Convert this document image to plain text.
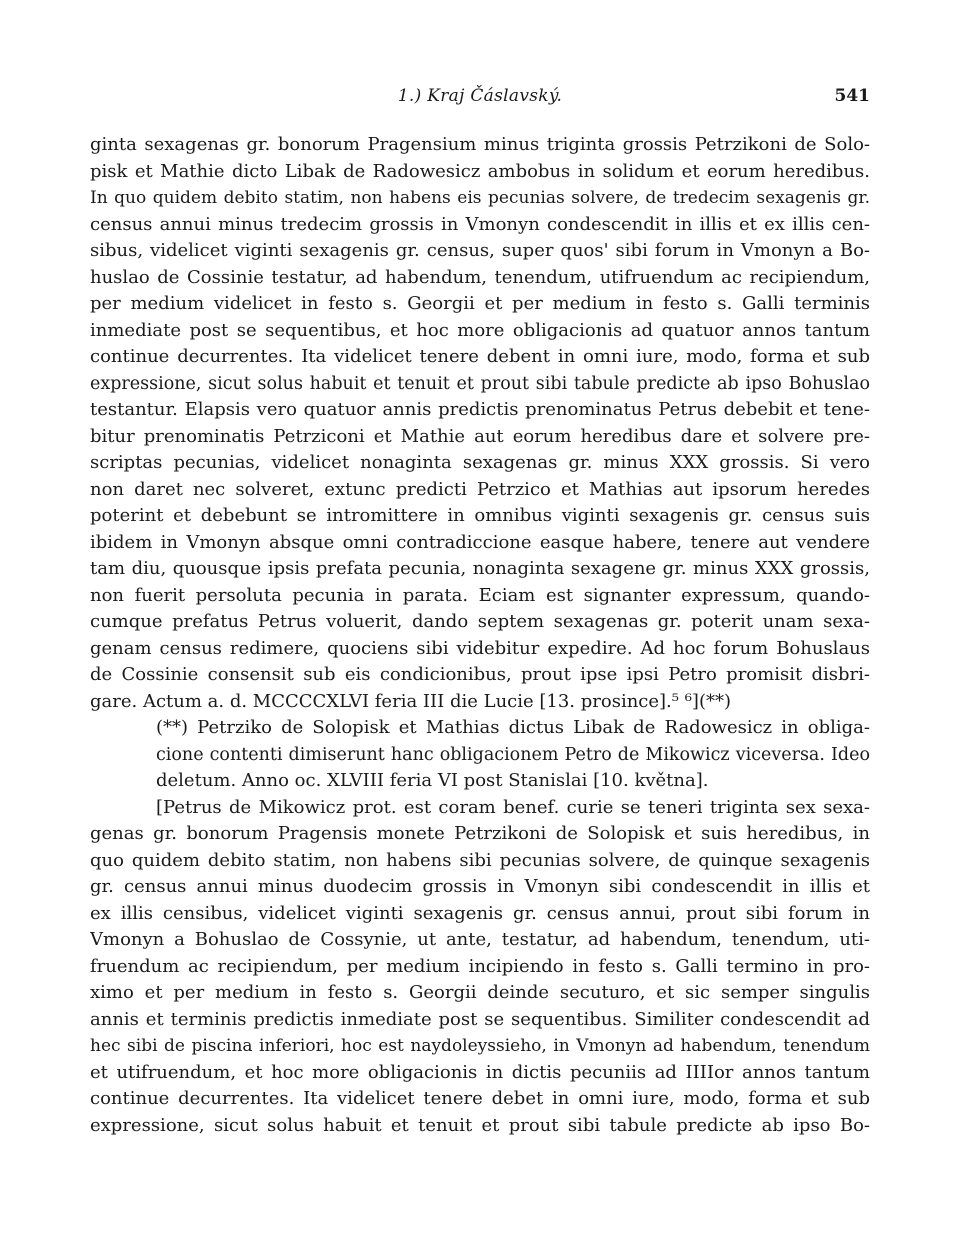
1.) Kraj Čáslavský.	541
ginta sexagenas gr. bonorum Pragensium minus triginta grossis Petrzikoni de Solo-
pisk et Mathie dicto Libak de Radowesicz ambobus in solidum et eorum heredibus.
In quo quidem debito statim, non habens eis pecunias solvere, de tredecim sexagenis gr.
census annui minus tredecim grossis in Vmonyn condescendit in illis et ex illis cen-
sibus, videlicet viginti sexagenis gr. census, super quos' sibi forum in Vmonyn a Bo-
huslao de Cossinie testatur, ad habendum, tenendum, utifruendum ac recipiendum,
per medium videlicet in festo s. Georgii et per medium in festo s. Galli terminis
inmediate post se sequentibus, et hoc more obligacionis ad quatuor annos tantum
continue decurrentes. Ita videlicet tenere debent in omni iure, modo, forma et sub
expressione, sicut solus habuit et tenuit et prout sibi tabule predicte ab ipso Bohuslao
testantur. Elapsis vero quatuor annis predictis prenominatus Petrus debebit et tene-
bitur prenominatis Petrziconi et Mathie aut eorum heredibus dare et solvere pre-
scriptas pecunias, videlicet nonaginta sexagenas gr. minus XXX grossis. Si vero
non daret nec solveret, extunc predicti Petrzico et Mathias aut ipsorum heredes
poterint et debebunt se intromittere in omnibus viginti sexagenis gr. census suis
ibidem in Vmonyn absque omni contradiccione easque habere, tenere aut vendere
tam diu, quousque ipsis prefata pecunia, nonaginta sexagene gr. minus XXX grossis,
non fuerit persoluta pecunia in parata. Eciam est signanter expressum, quando-
cumque prefatus Petrus voluerit, dando septem sexagenas gr. poterit unam sexa-
genam census redimere, quociens sibi videbitur expedire. Ad hoc forum Bohuslaus
de Cossinie consensit sub eis condicionibus, prout ipse ipsi Petro promisit disbri-
gare. Actum a. d. MCCCCXLVI feria III die Lucie [13. prosince].⁵ ⁶](**)
(**) Petrziko de Solopisk et Mathias dictus Libak de Radowesicz in obliga-
cione contenti dimiserunt hanc obligacionem Petro de Mikowicz viceversa. Ideo
deletum. Anno oc. XLVIII feria VI post Stanislai [10. května].
[Petrus de Mikowicz prot. est coram benef. curie se teneri triginta sex sexa-
genas gr. bonorum Pragensis monete Petrzikoni de Solopisk et suis heredibus, in
quo quidem debito statim, non habens sibi pecunias solvere, de quinque sexagenis
gr. census annui minus duodecim grossis in Vmonyn sibi condescendit in illis et
ex illis censibus, videlicet viginti sexagenis gr. census annui, prout sibi forum in
Vmonyn a Bohuslao de Cossynie, ut ante, testatur, ad habendum, tenendum, uti-
fruendum ac recipiendum, per medium incipiendo in festo s. Galli termino in pro-
ximo et per medium in festo s. Georgii deinde secuturo, et sic semper singulis
annis et terminis predictis inmediate post se sequentibus. Similiter condescendit ad
hec sibi de piscina inferiori, hoc est naydoleyssieho, in Vmonyn ad habendum, tenendum
et utifruendum, et hoc more obligacionis in dictis pecuniis ad IIIIor annos tantum
continue decurrentes. Ita videlicet tenere debet in omni iure, modo, forma et sub
expressione, sicut solus habuit et tenuit et prout sibi tabule predicte ab ipso Bo-
